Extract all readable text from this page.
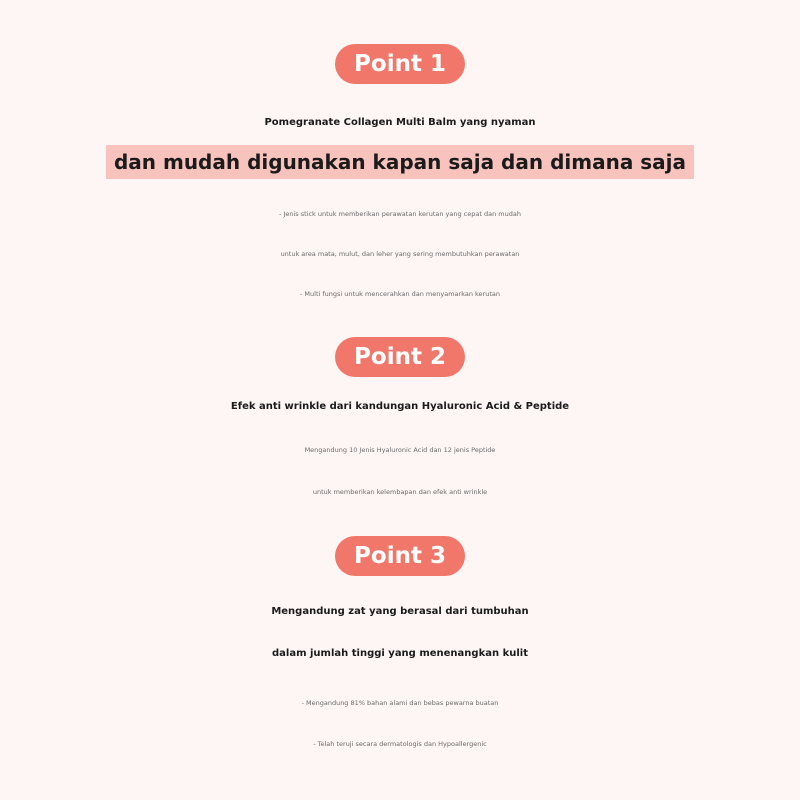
Point 1
Pomegranate Collagen Multi Balm yang nyaman
dan mudah digunakan kapan saja dan dimana saja
- Jenis stick untuk memberikan perawatan kerutan yang cepat dan mudah
untuk area mata, mulut, dan leher yang sering membutuhkan perawatan
- Multi fungsi untuk mencerahkan dan menyamarkan kerutan
Point 2
Efek anti wrinkle dari kandungan Hyaluronic Acid & Peptide
Mengandung 10 Jenis Hyaluronic Acid dan 12 jenis Peptide
untuk memberikan kelembapan dan efek anti wrinkle
Point 3
Mengandung zat yang berasal dari tumbuhan
dalam jumlah tinggi yang menenangkan kulit
- Mengandung 81% bahan alami dan bebas pewarna buatan
- Telah teruji secara dermatologis dan Hypoallergenic
